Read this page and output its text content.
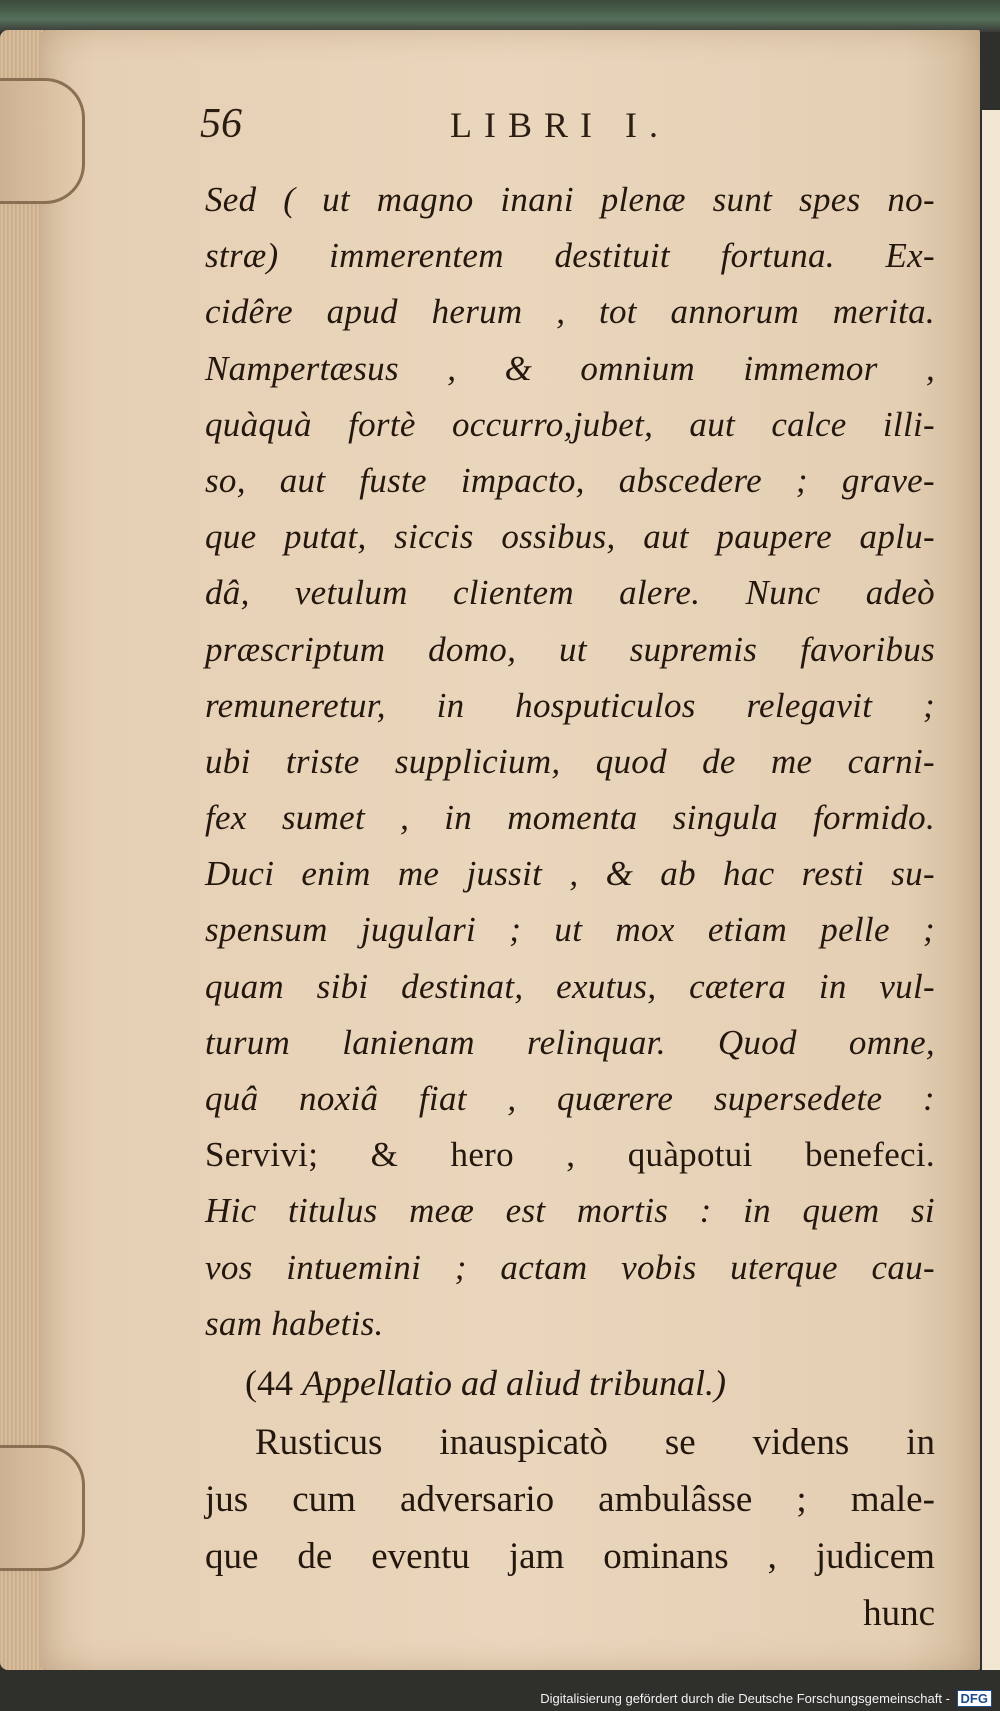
56	LIBRI I.
Sed ( ut magno inani plenæ sunt spes no-
stræ) immerentem destituit fortuna. Ex-
cidêre apud herum , tot annorum merita.
Nampertæsus , & omnium immemor ,
quàquà fortè occurro,jubet, aut calce illi-
so, aut fuste impacto, abscedere ; grave-
que putat, siccis ossibus, aut paupere aplu-
dâ, vetulum clientem alere. Nunc adeò
præscriptum domo, ut supremis favoribus
remuneretur, in hosputiculos relegavit ;
ubi triste supplicium, quod de me carni-
fex sumet , in momenta singula formido.
Duci enim me jussit , & ab hac resti su-
spensum jugulari ; ut mox etiam pelle ;
quam sibi destinat, exutus, cætera in vul-
turum lanienam relinquar. Quod omne,
quâ noxiâ fiat , quærere supersedete :
Servivi; & hero , quàpotui benefeci.
Hic titulus meæ est mortis : in quem si
vos intuemini ; actam vobis uterque cau-
sam habetis.
(44 Appellatio ad aliud tribunal.)
Rusticus inauspicatò se videns in
jus cum adversario ambulâsse ; male-
que de eventu jam ominans , judicem
hunc
Digitalisierung gefördert durch die Deutsche Forschungsgemeinschaft - DFG
